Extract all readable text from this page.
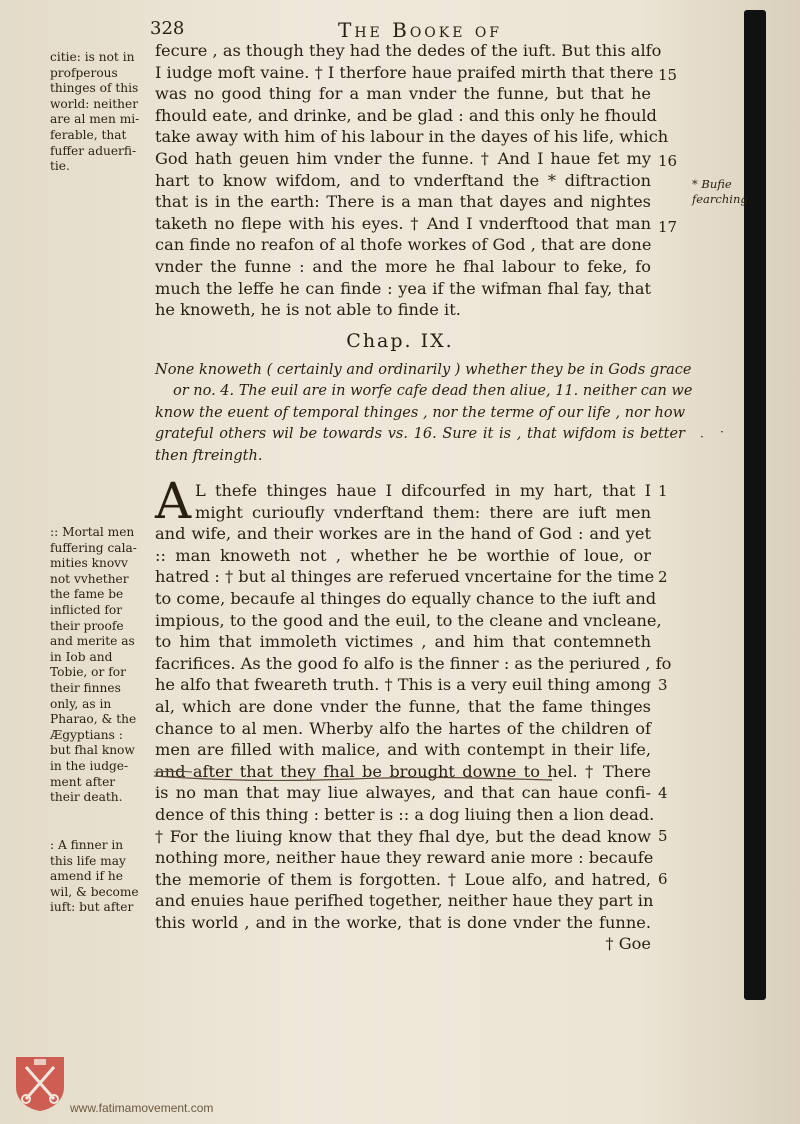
328	The Booke of
citie: is not in
profperous
thinges of this
world: neither
are al men mi-
ferable, that
fuffer aduerfi-
tie.
fecure , as though they had the dedes of the iuft. But this alfo
I iudge moft vaine. † I therfore haue praifed mirth that there
was no good thing for a man vnder the funne, but that he
fhould eate, and drinke, and be glad : and this only he fhould
take away with him of his labour in the dayes of his life, which
God hath geuen him vnder the funne. † And I haue fet my
hart to know wifdom, and to vnderftand the * diftraction
that is in the earth: There is a man that dayes and nightes
taketh no flepe with his eyes. † And I vnderftood that man
can finde no reafon of al thofe workes of God , that are done
vnder the funne : and the more he fhal labour to feke, fo
much the leffe he can finde : yea if the wifman fhal fay, that
he knoweth, he is not able to finde it.
15
16
17
* Bufie
fearching.
Chap. IX.
None knoweth ( certainly and ordinarily ) whether they be in Gods grace
or no. 4. The euil are in worfe cafe dead then aliue, 11. neither can we
know the euent of temporal thinges , nor the terme of our life , nor how
grateful others wil be towards vs. 16. Sure it is , that wifdom is better
then ftreingth.
A L thefe thinges haue I difcourfed in my hart, that I
might curioufly vnderftand them: there are iuft men
and wife, and their workes are in the hand of God : and yet
:: man knoweth not , whether he be worthie of loue, or
hatred : † but al thinges are referued vncertaine for the time
to come, becaufe al thinges do equally chance to the iuft and
impious, to the good and the euil, to the cleane and vncleane,
to him that immoleth victimes , and him that contemneth
facrifices. As the good fo alfo is the finner : as the periured , fo
he alfo that fweareth truth. † This is a very euil thing among
al, which are done vnder the funne, that the fame thinges
chance to al men. Wherby alfo the hartes of the children of
men are filled with malice, and with contempt in their life,
and after that they fhal be brought downe to hel. † There
is no man that may liue alwayes, and that can haue confi-
dence of this thing : better is :: a dog liuing then a lion dead.
† For the liuing know that they fhal dye, but the dead know
nothing more, neither haue they reward anie more : becaufe
the memorie of them is forgotten. † Loue alfo, and hatred,
and enuies haue perifhed together, neither haue they part in
this world , and in the worke, that is done vnder the funne.
† Goe
1
2
3
4
5
6
:: Mortal men
fuffering cala-
mities knovv
not vvhether
the fame be
inflicted for
their proofe
and merite as
in Iob and
Tobie, or for
their finnes
only, as in
Pharao, & the
Ægyptians :
but fhal know
in the iudge-
ment after
their death.
: A finner in
this life may
amend if he
wil, & become
iuft: but after
· ·
www.fatimamovement.com
